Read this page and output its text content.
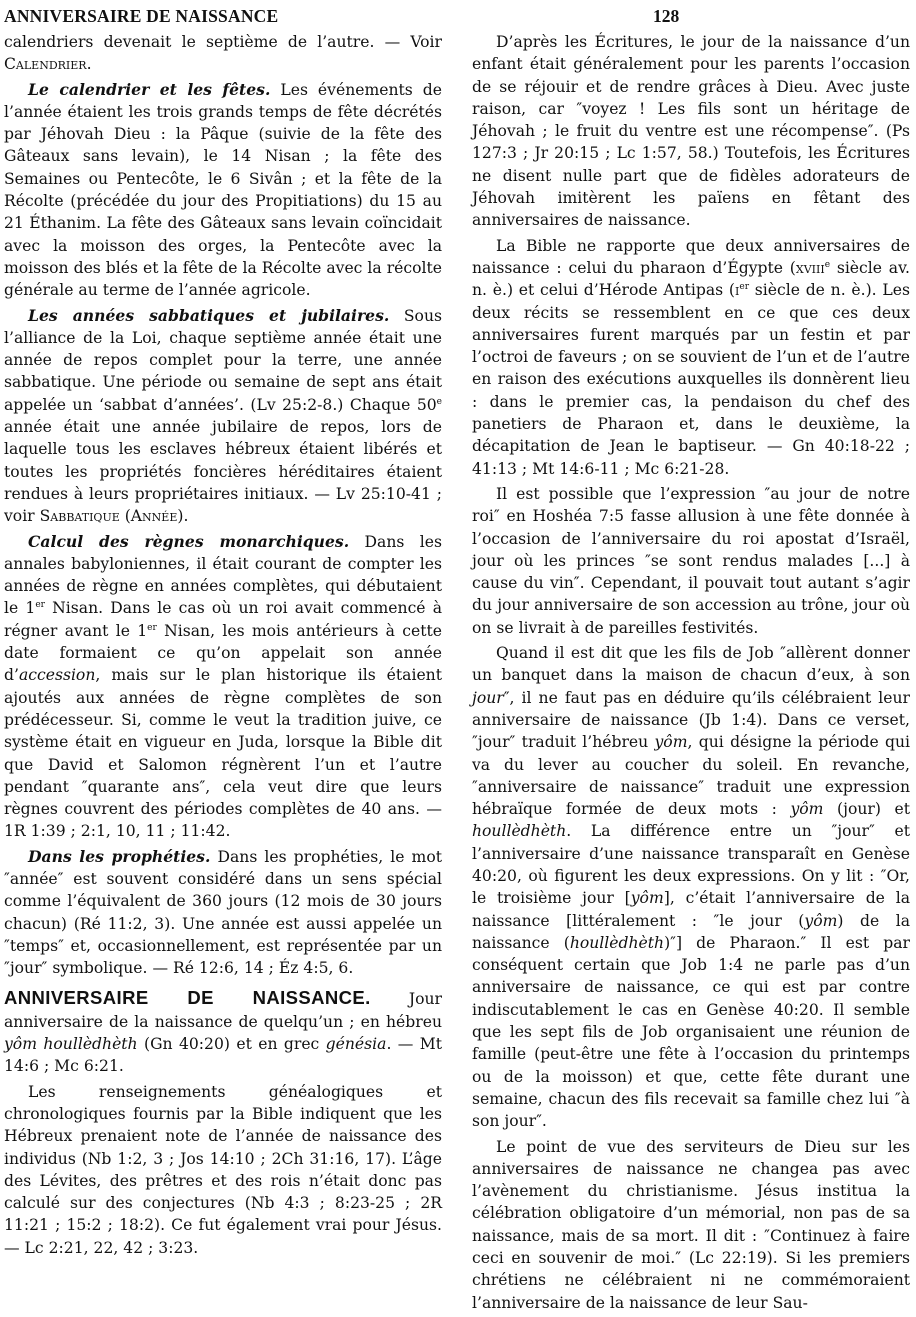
ANNIVERSAIRE DE NAISSANCE	128

calendriers devenait le septième de l’autre. — Voir Calendrier.

Le calendrier et les fêtes. Les événements de l’année étaient les trois grands temps de fête décrétés par Jéhovah Dieu : la Pâque (suivie de la fête des Gâteaux sans levain), le 14 Nisan ; la fête des Semaines ou Pentecôte, le 6 Sivân ; et la fête de la Récolte (précédée du jour des Propitiations) du 15 au 21 Éthanim. La fête des Gâteaux sans levain coïncidait avec la moisson des orges, la Pentecôte avec la moisson des blés et la fête de la Récolte avec la récolte générale au terme de l’année agricole.

Les années sabbatiques et jubilaires. Sous l’alliance de la Loi, chaque septième année était une année de repos complet pour la terre, une année sabbatique. Une période ou semaine de sept ans était appelée un ‘sabbat d’années’. (Lv 25:2-8.) Chaque 50e année était une année jubilaire de repos, lors de laquelle tous les esclaves hébreux étaient libérés et toutes les propriétés foncières héréditaires étaient rendues à leurs propriétaires initiaux. — Lv 25:10-41 ; voir Sabbatique (Année).

Calcul des règnes monarchiques. Dans les annales babyloniennes, il était courant de compter les années de règne en années complètes, qui débutaient le 1er Nisan. Dans le cas où un roi avait commencé à régner avant le 1er Nisan, les mois antérieurs à cette date formaient ce qu’on appelait son année d’accession, mais sur le plan historique ils étaient ajoutés aux années de règne complètes de son prédécesseur. Si, comme le veut la tradition juive, ce système était en vigueur en Juda, lorsque la Bible dit que David et Salomon régnèrent l’un et l’autre pendant ″quarante ans″, cela veut dire que leurs règnes couvrent des périodes complètes de 40 ans. — 1R 1:39 ; 2:1, 10, 11 ; 11:42.

Dans les prophéties. Dans les prophéties, le mot ″année″ est souvent considéré dans un sens spécial comme l’équivalent de 360 jours (12 mois de 30 jours chacun) (Ré 11:2, 3). Une année est aussi appelée un ″temps″ et, occasionnellement, est représentée par un ″jour″ symbolique. — Ré 12:6, 14 ; Éz 4:5, 6.

ANNIVERSAIRE DE NAISSANCE. Jour anniversaire de la naissance de quelqu’un ; en hébreu yôm houllèdhèth (Gn 40:20) et en grec génésia. — Mt 14:6 ; Mc 6:21.

Les renseignements généalogiques et chronologiques fournis par la Bible indiquent que les Hébreux prenaient note de l’année de naissance des individus (Nb 1:2, 3 ; Jos 14:10 ; 2Ch 31:16, 17). L’âge des Lévites, des prêtres et des rois n’était donc pas calculé sur des conjectures (Nb 4:3 ; 8:23-25 ; 2R 11:21 ; 15:2 ; 18:2). Ce fut également vrai pour Jésus. — Lc 2:21, 22, 42 ; 3:23.

D’après les Écritures, le jour de la naissance d’un enfant était généralement pour les parents l’occasion de se réjouir et de rendre grâces à Dieu. Avec juste raison, car ″voyez ! Les fils sont un héritage de Jéhovah ; le fruit du ventre est une récompense″. (Ps 127:3 ; Jr 20:15 ; Lc 1:57, 58.) Toutefois, les Écritures ne disent nulle part que de fidèles adorateurs de Jéhovah imitèrent les païens en fêtant des anniversaires de naissance.

La Bible ne rapporte que deux anniversaires de naissance : celui du pharaon d’Égypte (xviii$^e$ siècle av. n. è.) et celui d’Hérode Antipas ($i^{er}$ siècle de n. è.). Les deux récits se ressemblent en ce que ces deux anniversaires furent marqués par un festin et par l’octroi de faveurs ; on se souvient de l’un et de l’autre en raison des exécutions auxquelles ils donnèrent lieu : dans le premier cas, la pendaison du chef des panetiers de Pharaon et, dans le deuxième, la décapitation de Jean le baptiseur. — Gn 40:18-22 ; 41:13 ; Mt 14:6-11 ; Mc 6:21-28.

Il est possible que l’expression ″au jour de notre roi″ en Hoshéa 7:5 fasse allusion à une fête donnée à l’occasion de l’anniversaire du roi apostat d’Israël, jour où les princes ″se sont rendus malades [...] à cause du vin″. Cependant, il pouvait tout autant s’agir du jour anniversaire de son accession au trône, jour où on se livrait à de pareilles festivités.

Quand il est dit que les fils de Job ″allèrent donner un banquet dans la maison de chacun d’eux, à son jour″, il ne faut pas en déduire qu’ils célébraient leur anniversaire de naissance (Jb 1:4). Dans ce verset, ″jour″ traduit l’hébreu yôm, qui désigne la période qui va du lever au coucher du soleil. En revanche, ″anniversaire de naissance″ traduit une expression hébraïque formée de deux mots : yôm (jour) et houllèdhèth. La différence entre un ″jour″ et l’anniversaire d’une naissance transparaît en Genèse 40:20, où figurent les deux expressions. On y lit : ″Or, le troisième jour [yôm], c’était l’anniversaire de la naissance [littéralement : ″le jour (yôm) de la naissance (houllèdhèth)″] de Pharaon.″ Il est par conséquent certain que Job 1:4 ne parle pas d’un anniversaire de naissance, ce qui est par contre indiscutablement le cas en Genèse 40:20. Il semble que les sept fils de Job organisaient une réunion de famille (peut-être une fête à l’occasion du printemps ou de la moisson) et que, cette fête durant une semaine, chacun des fils recevait sa famille chez lui ″à son jour″.

Le point de vue des serviteurs de Dieu sur les anniversaires de naissance ne changea pas avec l’avènement du christianisme. Jésus institua la célébration obligatoire d’un mémorial, non pas de sa naissance, mais de sa mort. Il dit : ″Continuez à faire ceci en souvenir de moi.″ (Lc 22:19). Si les premiers chrétiens ne célébraient ni ne commémoraient l’anniversaire de la naissance de leur Sau-
